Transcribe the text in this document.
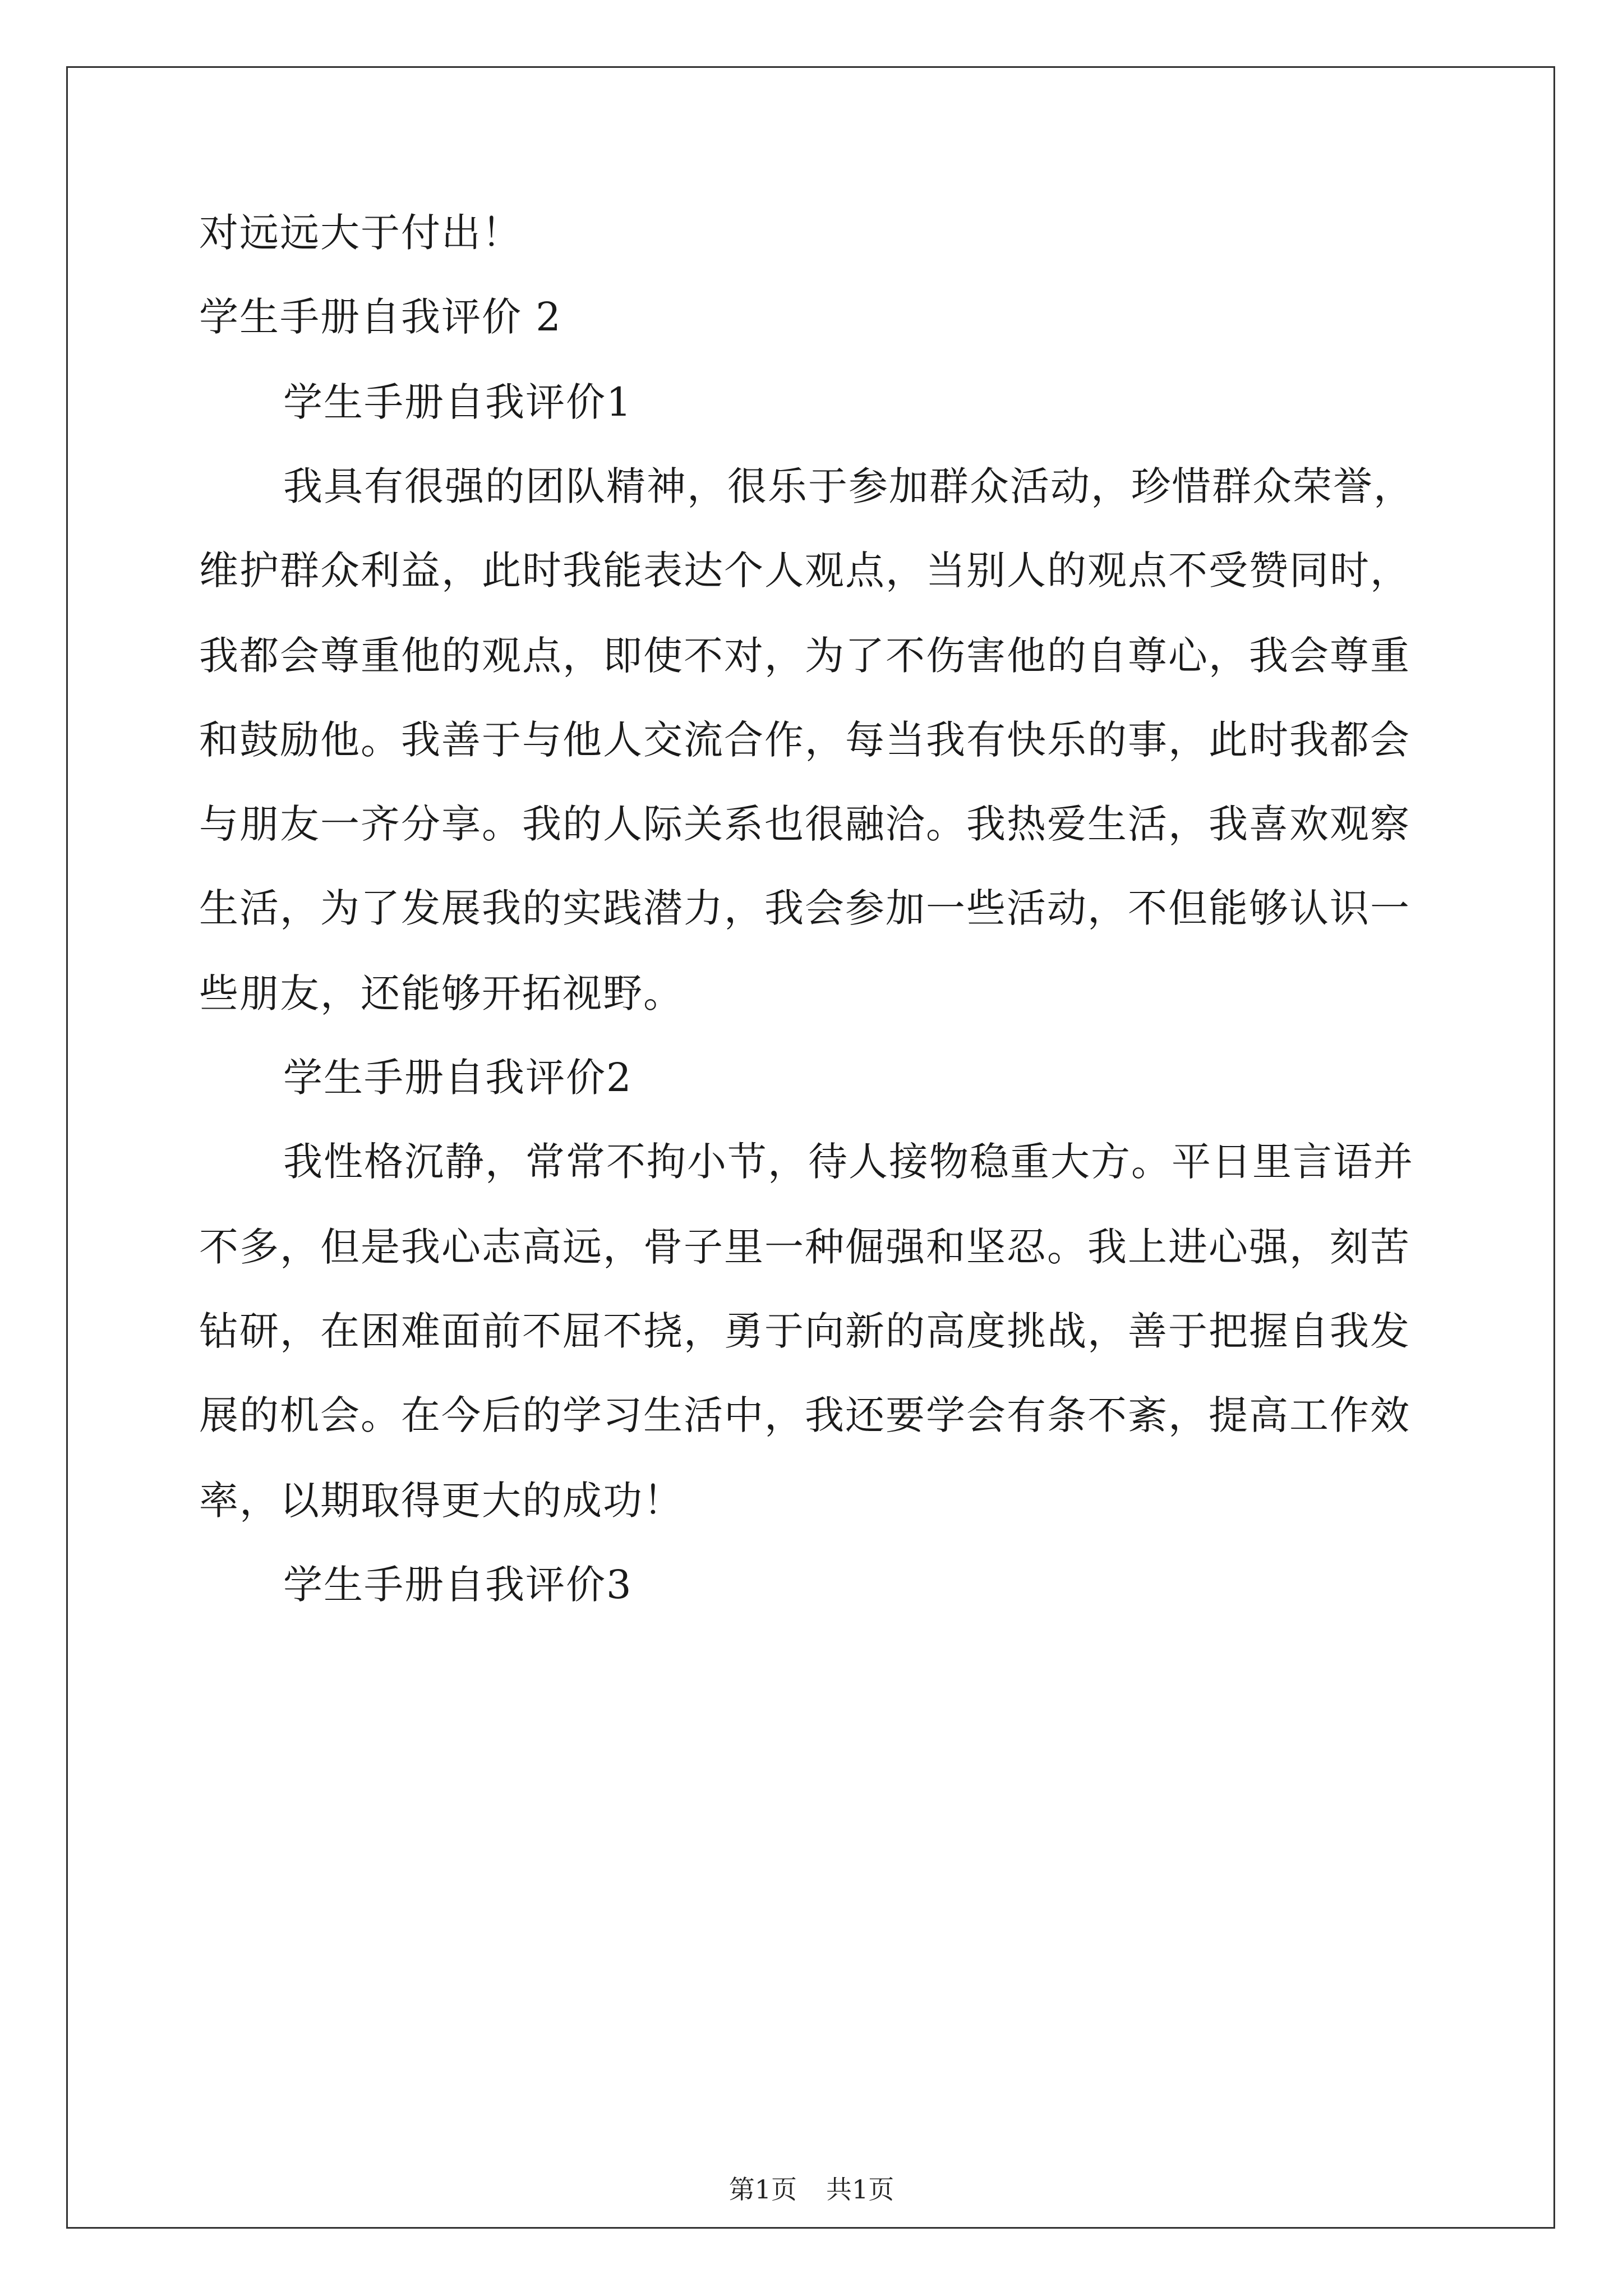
对远远大于付出！
学生手册自我评价 2
学生手册自我评价1
我具有很强的团队精神，很乐于参加群众活动，珍惜群众荣誉，
维护群众利益，此时我能表达个人观点，当别人的观点不受赞同时，
我都会尊重他的观点，即使不对，为了不伤害他的自尊心，我会尊重
和鼓励他。我善于与他人交流合作，每当我有快乐的事，此时我都会
与朋友一齐分享。我的人际关系也很融洽。我热爱生活，我喜欢观察
生活，为了发展我的实践潜力，我会参加一些活动，不但能够认识一
些朋友，还能够开拓视野。
学生手册自我评价2
我性格沉静，常常不拘小节，待人接物稳重大方。平日里言语并
不多，但是我心志高远，骨子里一种倔强和坚忍。我上进心强，刻苦
钻研，在困难面前不屈不挠，勇于向新的高度挑战，善于把握自我发
展的机会。在今后的学习生活中，我还要学会有条不紊，提高工作效
率，以期取得更大的成功！
学生手册自我评价3
第1页 共1页
